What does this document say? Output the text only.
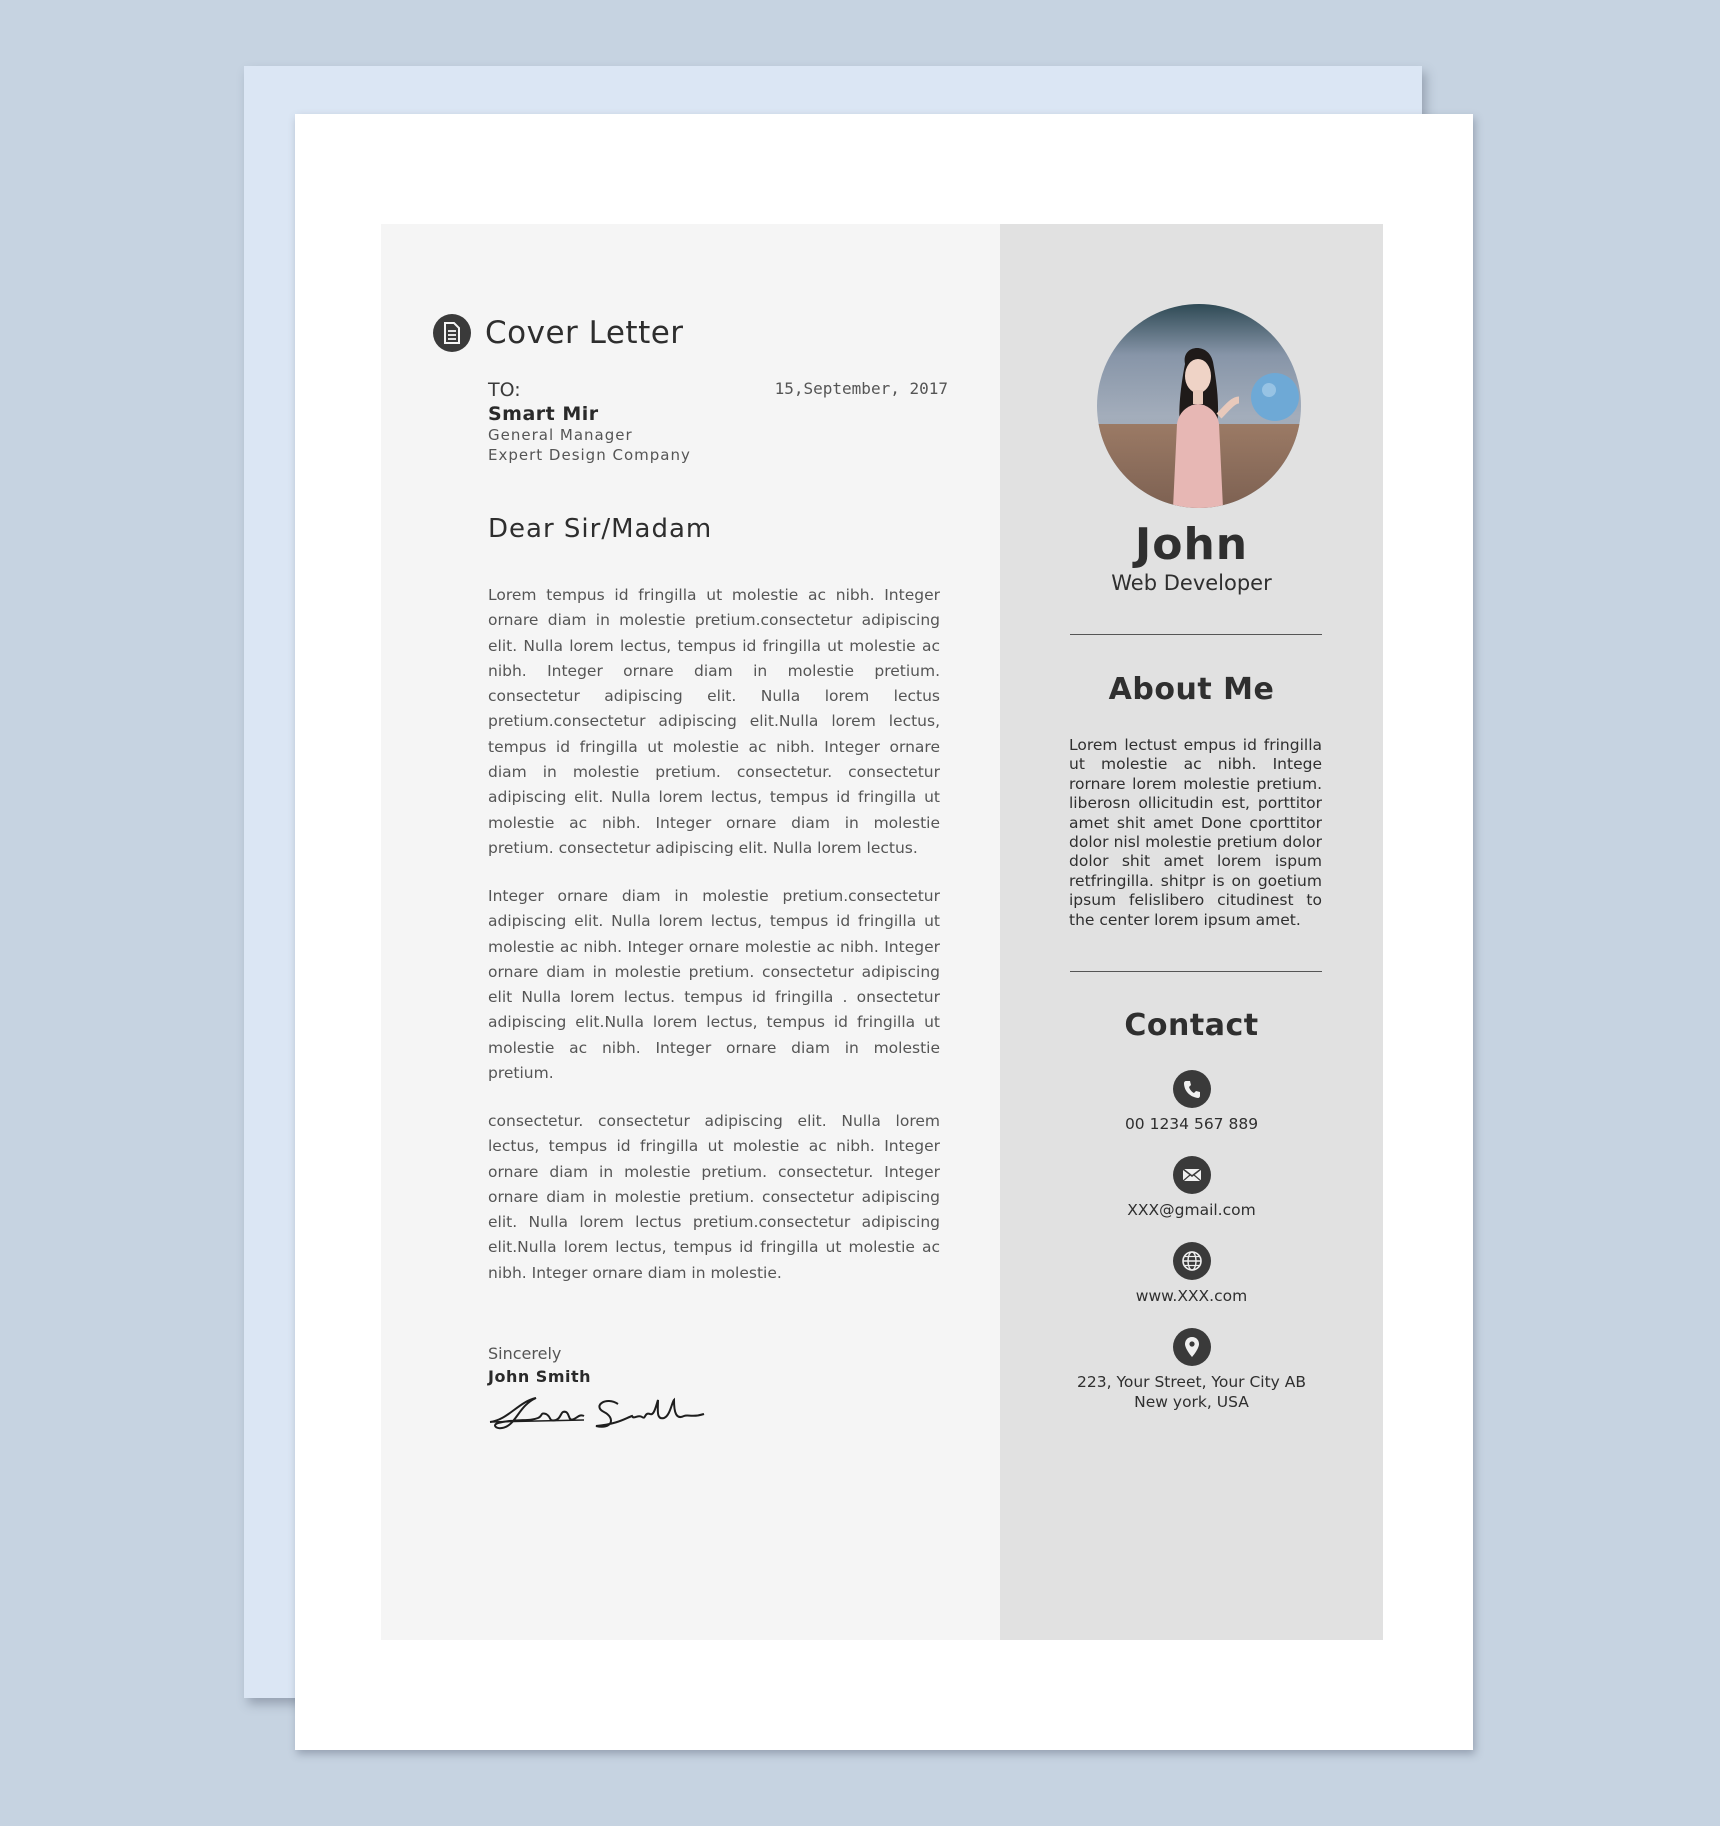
Cover Letter
TO:	15,September, 2017
Smart Mir
General Manager
Expert Design Company
Dear Sir/Madam
Lorem tempus id fringilla ut molestie ac nibh. Integer ornare diam in molestie pretium.consectetur adipiscing elit. Nulla lorem lectus, tempus id fringilla ut molestie ac nibh. Integer ornare diam in molestie pretium. consectetur adipiscing elit. Nulla lorem lectus pretium.consectetur adipiscing elit.Nulla lorem lectus, tempus id fringilla ut molestie ac nibh. Integer ornare diam in molestie pretium. consectetur. consectetur adipiscing elit. Nulla lorem lectus, tempus id fringilla ut molestie ac nibh. Integer ornare diam in molestie pretium. consectetur adipiscing elit. Nulla lorem lectus.
Integer ornare diam in molestie pretium.consectetur adipiscing elit. Nulla lorem lectus, tempus id fringilla ut molestie ac nibh. Integer ornare molestie ac nibh. Integer ornare diam in molestie pretium. consectetur adipiscing elit Nulla lorem lectus. tempus id fringilla . onsectetur adipiscing elit.Nulla lorem lectus, tempus id fringilla ut molestie ac nibh. Integer ornare diam in molestie pretium.
consectetur. consectetur adipiscing elit. Nulla lorem lectus, tempus id fringilla ut molestie ac nibh. Integer ornare diam in molestie pretium. consectetur. Integer ornare diam in molestie pretium. consectetur adipiscing elit. Nulla lorem lectus pretium.consectetur adipiscing elit.Nulla lorem lectus, tempus id fringilla ut molestie ac nibh. Integer ornare diam in molestie.
Sincerely
John Smith
John
Web Developer
About Me
Lorem lectust empus id fringilla ut molestie ac nibh. Intege rornare lorem molestie pretium. liberosn ollicitudin est, porttitor amet shit amet Done cporttitor dolor nisl molestie pretium dolor dolor shit amet lorem ispum retfringilla. shitpr is on goetium ipsum felislibero citudinest to the center lorem ipsum amet.
Contact
00 1234 567 889
XXX@gmail.com
www.XXX.com
223, Your Street, Your City AB
New york, USA
